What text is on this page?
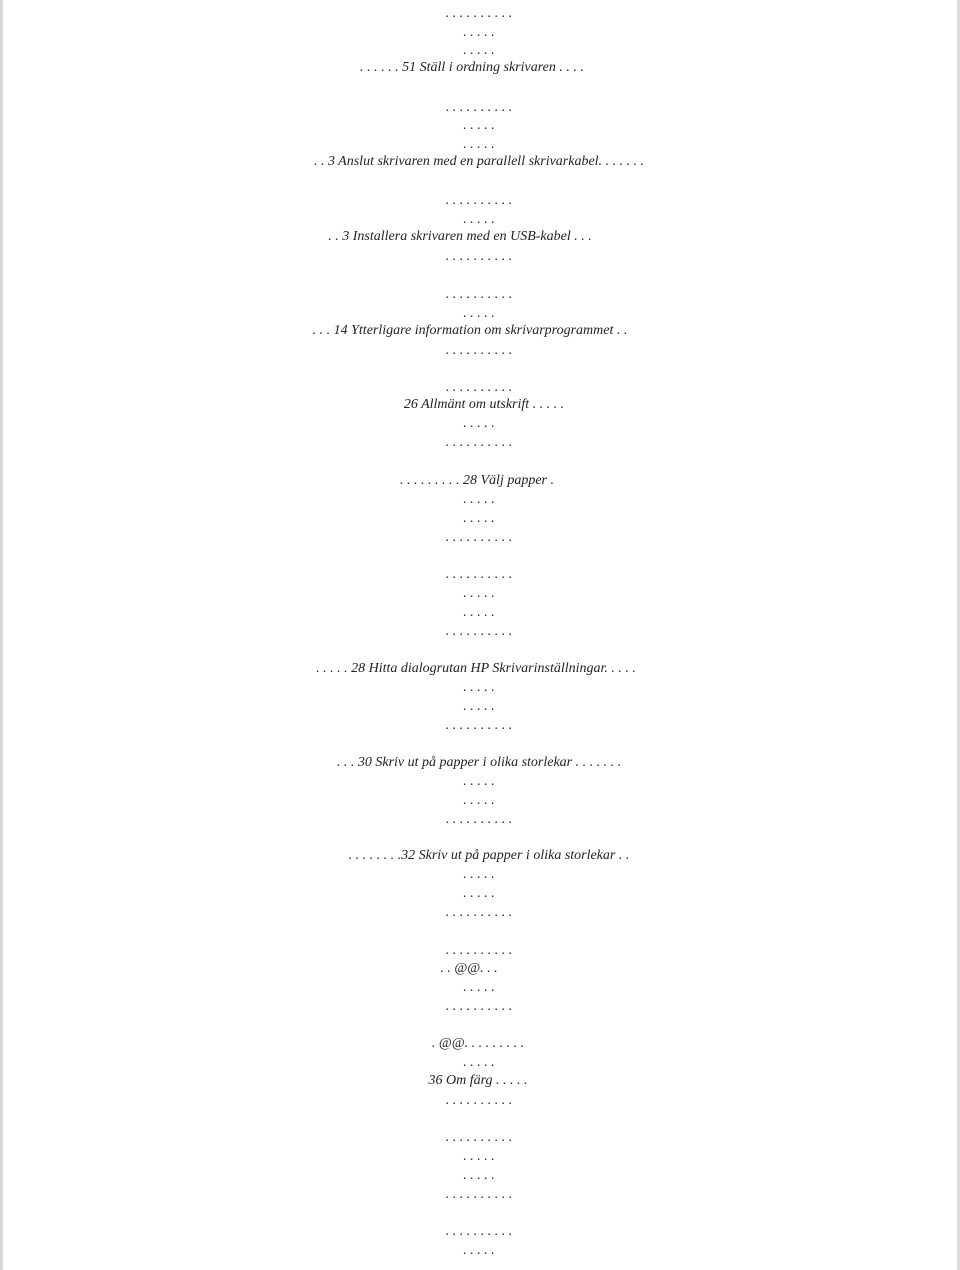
. . . . . . . . . .
. . . . .
. . . . .
. . . . . . 51 Ställ i ordning skrivaren . . . .
. . . . . . . . . .
. . . . .
. . . . .
. . 3 Anslut skrivaren med en parallell skrivarkabel. . . . . . .
. . . . . . . . . .
. . . . .
. . 3 Installera skrivaren med en USB-kabel . . .
. . . . . . . . . .
. . . . . . . . . .
. . . . .
. . . 14 Ytterligare information om skrivarprogrammet . .
. . . . . . . . . .
. . . . . . . . . .
26 Allmänt om utskrift . . . . .
. . . . .
. . . . . . . . . .
. . . . . . . . . 28 Välj papper .
. . . . .
. . . . .
. . . . . . . . . .
. . . . . . . . . .
. . . . .
. . . . .
. . . . . . . . . .
. . . . . 28 Hitta dialogrutan HP Skrivarinställningar. . . . .
. . . . .
. . . . .
. . . . . . . . . .
. . . 30 Skriv ut på papper i olika storlekar . . . . . . .
. . . . .
. . . . .
. . . . . . . . . .
. . . . . . . .32 Skriv ut på papper i olika storlekar . .
. . . . .
. . . . .
. . . . . . . . . .
. . . . . . . . . .
. . @@. . .
. . . . .
. . . . . . . . . .
. @@. . . . . . . . .
. . . . .
36 Om färg . . . . .
. . . . . . . . . .
. . . . . . . . . .
. . . . .
. . . . .
. . . . . . . . . .
. . . . . . . . . .
. . . . .
